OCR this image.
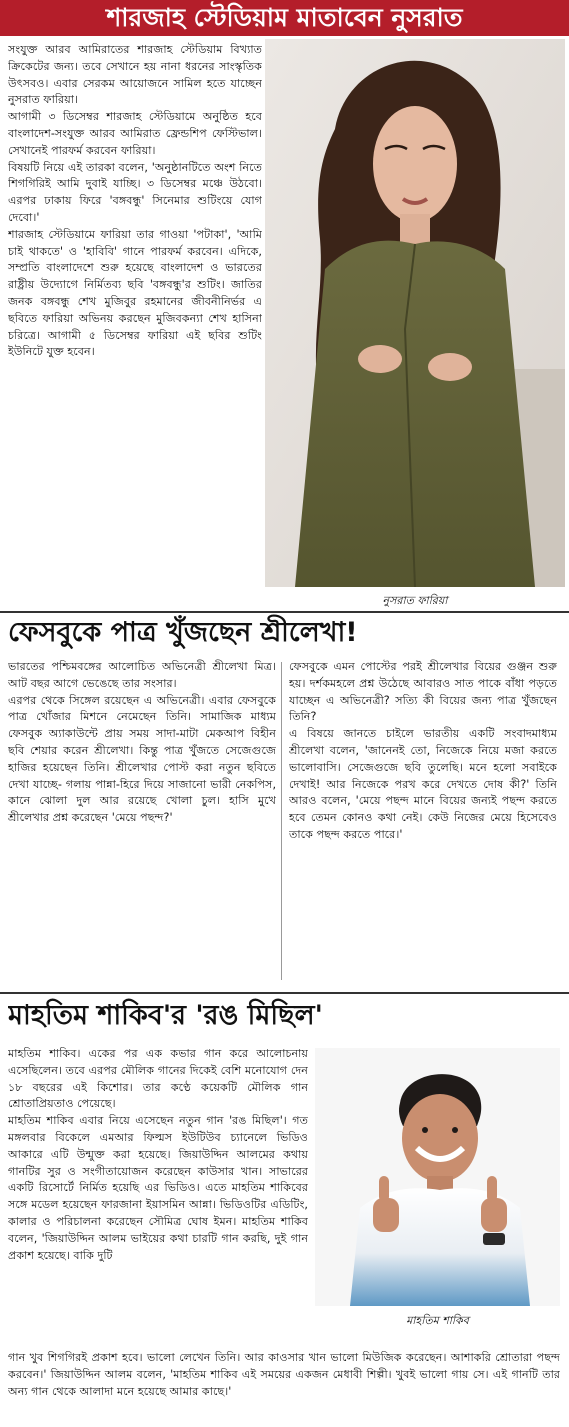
শারজাহ স্টেডিয়াম মাতাবেন নুসরাত

সংযুক্ত আরব আমিরাতের শারজাহ স্টেডিয়াম বিখ্যাত ক্রিকেটের জন্য। তবে সেখানে হয় নানা ধরনের সাংস্কৃতিক উৎসবও। এবার সেরকম আয়োজনে সামিল হতে যাচ্ছেন নুসরাত ফারিয়া।

আগামী ৩ ডিসেম্বর শারজাহ স্টেডিয়ামে অনুষ্ঠিত হবে বাংলাদেশ-সংযুক্ত আরব আমিরাত ফ্রেন্ডশিপ ফেস্টিভাল। সেখানেই পারফর্ম করবেন ফারিয়া।

বিষয়টি নিয়ে এই তারকা বলেন, 'অনুষ্ঠানটিতে অংশ নিতে শিগগিরিই আমি দুবাই যাচ্ছি। ৩ ডিসেম্বর মঞ্চে উঠবো। এরপর ঢাকায় ফিরে 'বঙ্গবন্ধু' সিনেমার শুটিংয়ে যোগ দেবো।'

শারজাহ স্টেডিয়ামে ফারিয়া তার গাওয়া 'পটাকা', 'আমি চাই থাকতে' ও 'হাবিবি' গানে পারফর্ম করবেন। এদিকে, সম্প্রতি বাংলাদেশে শুরু হয়েছে বাংলাদেশ ও ভারতের রাষ্ট্রীয় উদ্যোগে নির্মিতব্য ছবি 'বঙ্গবন্ধু'র শুটিং। জাতির জনক বঙ্গবন্ধু শেখ মুজিবুর রহমানের জীবনীনির্ভর এ ছবিতে ফারিয়া অভিনয় করছেন মুজিবকন্যা শেখ হাসিনা চরিত্রে। আগামী ৫ ডিসেম্বর ফারিয়া এই ছবির শুটিং ইউনিটে যুক্ত হবেন।

নুসরাত ফারিয়া
ফেসবুকে পাত্র খুঁজছেন শ্রীলেখা!

ভারতের পশ্চিমবঙ্গের আলোচিত অভিনেত্রী শ্রীলেখা মিত্র। আট বছর আগে ভেঙেছে তার সংসার।

এরপর থেকে সিঙ্গেল রয়েছেন এ অভিনেত্রী। এবার ফেসবুকে পাত্র খোঁজার মিশনে নেমেছেন তিনি। সামাজিক মাধ্যম ফেসবুক অ্যাকাউন্টে প্রায় সময় সাদা-মাটা মেকআপ বিহীন ছবি শেয়ার করেন শ্রীলেখা। কিন্তু পাত্র খুঁজতে সেজেগুজে হাজির হয়েছেন তিনি। শ্রীলেখার পোস্ট করা নতুন ছবিতে দেখা যাচ্ছে- গলায় পান্না-হিরে দিয়ে সাজানো ভারী নেকপিস, কানে ঝোলা দুল আর রয়েছে খোলা চুল। হাসি মুখে শ্রীলেখার প্রশ্ন করেছেন 'মেয়ে পছন্দ?'

ফেসবুকে এমন পোস্টের পরই শ্রীলেখার বিয়ের গুঞ্জন শুরু হয়। দর্শকমহলে প্রশ্ন উঠেছে আবারও সাত পাকে বাঁধা পড়তে যাচ্ছেন এ অভিনেত্রী? সত্যি কী বিয়ের জন্য পাত্র খুঁজছেন তিনি?

এ বিষয়ে জানতে চাইলে ভারতীয় একটি সংবাদমাধ্যম শ্রীলেখা বলেন, 'জানেনই তো, নিজেকে নিয়ে মজা করতে ভালোবাসি। সেজেগুজে ছবি তুলেছি। মনে হলো সবাইকে দেখাই! আর নিজেকে পরখ করে দেখতে দোষ কী?' তিনি আরও বলেন, 'মেয়ে পছন্দ মানে বিয়ের জন্যই পছন্দ করতে হবে তেমন কোনও কথা নেই। কেউ নিজের মেয়ে হিসেবেও তাকে পছন্দ করতে পারে।'

মাহতিম শাকিব'র 'রঙ মিছিল'

মাহতিম শাকিব। একের পর এক কভার গান করে আলোচনায় এসেছিলেন। তবে এরপর মৌলিক গানের দিকেই বেশি মনোযোগ দেন ১৮ বছরের এই কিশোর। তার কণ্ঠে কয়েকটি মৌলিক গান শ্রোতাপ্রিয়তাও পেয়েছে।

মাহতিম শাকিব এবার নিয়ে এসেছেন নতুন গান 'রঙ মিছিল'। গত মঙ্গলবার বিকেলে এমআর ফিল্মস ইউটিউব চ্যানেলে ভিডিও আকারে এটি উন্মুক্ত করা হয়েছে। জিয়াউদ্দিন আলমের কথায় গানটির সুর ও সংগীতায়োজন করেছেন কাউসার খান। সাভারের একটি রিসোর্টে নির্মিত হয়েছি এর ভিডিও। এতে মাহতিম শাকিবের সঙ্গে মডেল হয়েছেন ফারজানা ইয়াসমিন আন্না। ভিডিওটির এডিটিং, কালার ও পরিচালনা করেছেন সৌমিত্র ঘোষ ইমন। মাহতিম শাকিব বলেন, 'জিয়াউদ্দিন আলম ভাইয়ের কথা চারটি গান করছি, দুই গান প্রকাশ হয়েছে। বাকি দুটি

মাহতিম শাকিব

গান খুব শিগগিরই প্রকাশ হবে। ভালো লেখেন তিনি। আর কাওসার খান ভালো মিউজিক করেছেন। আশাকরি শ্রোতারা পছন্দ করবেন।' জিয়াউদ্দিন আলম বলেন, 'মাহতিম শাকিব এই সময়ের একজন মেধাবী শিল্পী। খুবই ভালো গায় সে। এই গানটি তার অন্য গান থেকে আলাদা মনে হয়েছে আমার কাছে।'
